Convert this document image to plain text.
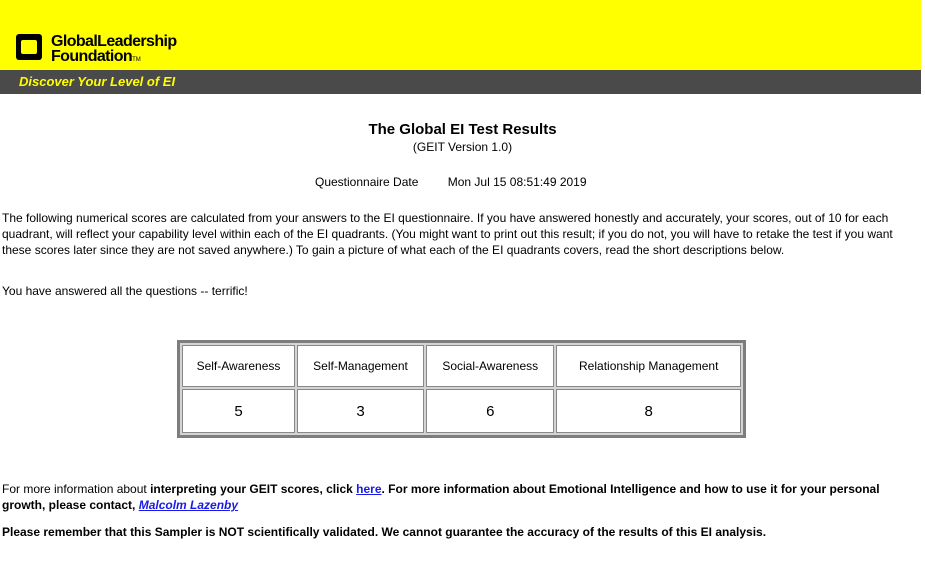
GlobalLeadership
FoundationTM
Discover Your Level of EI
The Global EI Test Results
(GEIT Version 1.0)
Questionnaire Date Mon Jul 15 08:51:49 2019
The following numerical scores are calculated from your answers to the EI questionnaire. If you have answered honestly and accurately, your scores, out of 10 for each quadrant, will reflect your capability level within each of the EI quadrants. (You might want to print out this result; if you do not, you will have to retake the test if you want these scores later since they are not saved anywhere.) To gain a picture of what each of the EI quadrants covers, read the short descriptions below.
You have answered all the questions -- terrific!
Self-Awareness	Self-Management	Social-Awareness	Relationship Management
5	3	6	8
For more information about interpreting your GEIT scores, click here. For more information about Emotional Intelligence and how to use it for your personal growth, please contact, Malcolm Lazenby
Please remember that this Sampler is NOT scientifically validated. We cannot guarantee the accuracy of the results of this EI analysis.
